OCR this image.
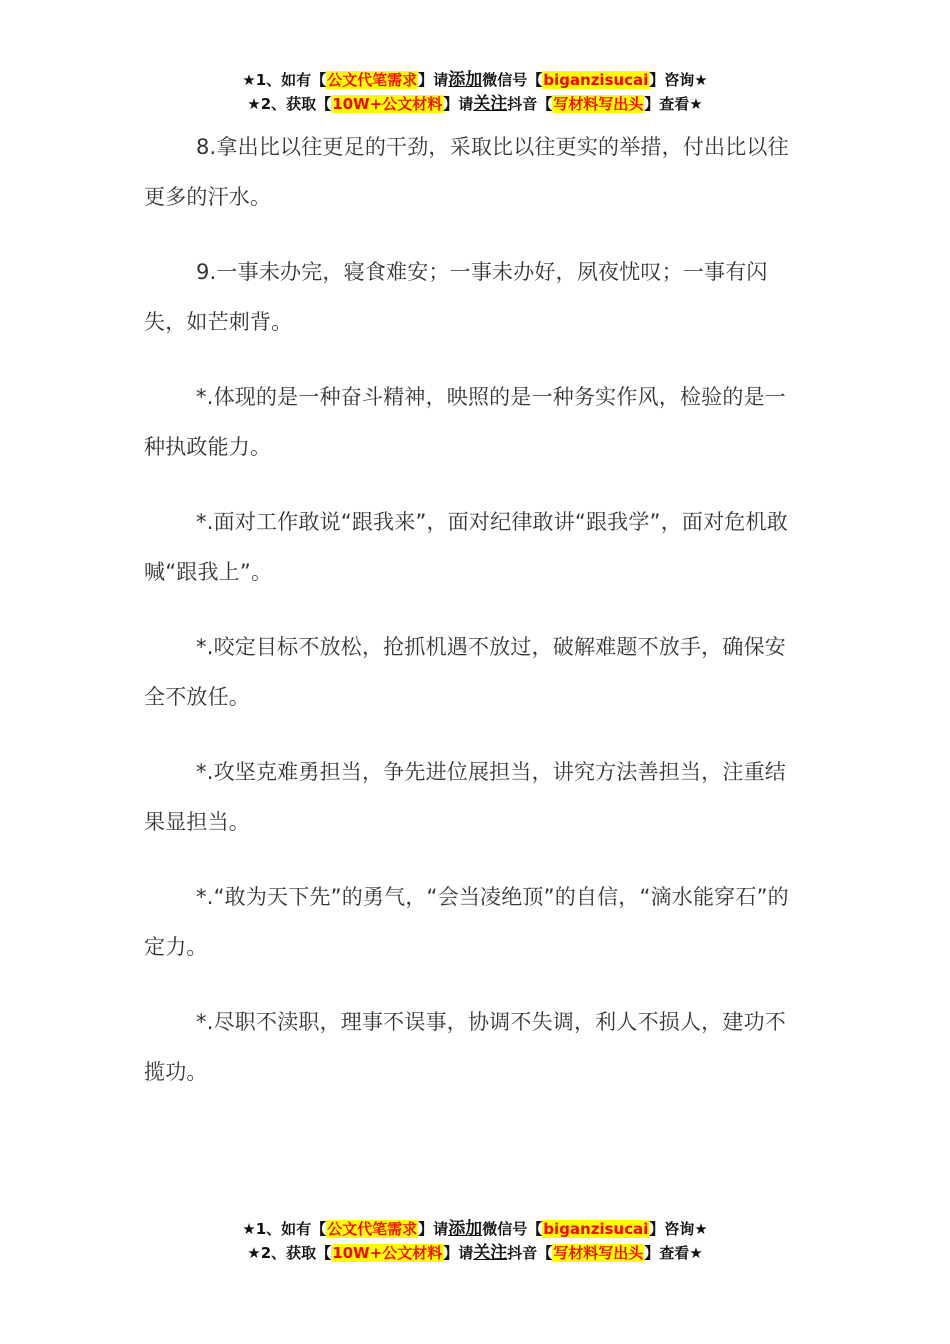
★1、如有【公文代笔需求】请添加微信号【biganzisucai】咨询★
★2、获取【10W+公文材料】请关注抖音【写材料写出头】查看★

8.拿出比以往更足的干劲，采取比以往更实的举措，付出比以往更多的汗水。

9.一事未办完，寝食难安；一事未办好，夙夜忧叹；一事有闪失，如芒刺背。

*.体现的是一种奋斗精神，映照的是一种务实作风，检验的是一种执政能力。

*.面对工作敢说“跟我来”，面对纪律敢讲“跟我学”，面对危机敢喊“跟我上”。

*.咬定目标不放松，抢抓机遇不放过，破解难题不放手，确保安全不放任。

*.攻坚克难勇担当，争先进位展担当，讲究方法善担当，注重结果显担当。

*.“敢为天下先”的勇气，“会当凌绝顶”的自信，“滴水能穿石”的定力。

*.尽职不渎职，理事不误事，协调不失调，利人不损人，建功不揽功。

★1、如有【公文代笔需求】请添加微信号【biganzisucai】咨询★
★2、获取【10W+公文材料】请关注抖音【写材料写出头】查看★
